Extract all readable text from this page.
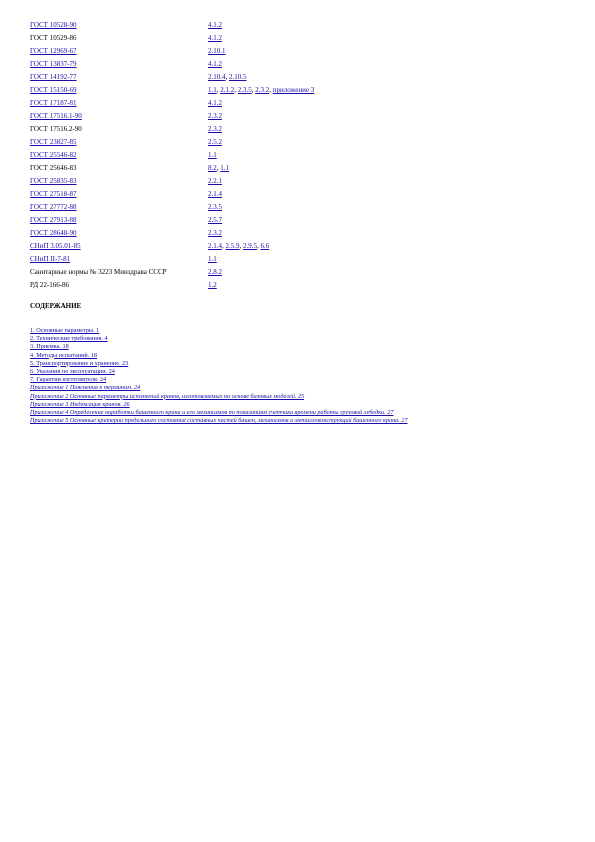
ГОСТ 10528-90	4.1.2
ГОСТ 10529-86	4.1.2
ГОСТ 12969-67	2.10.1
ГОСТ 13837-79	4.1.2
ГОСТ 14192-77	2.10.4, 2.10.5
ГОСТ 15150-69	1.1, 2.1.2, 2.3.5, 2.3.2, приложение 3
ГОСТ 17187-81	4.1.2
ГОСТ 17516.1-90	2.3.2
ГОСТ 17516.2-90	2.3.2
ГОСТ 23827-85	2.5.2
ГОСТ 25546-82	1.1
ГОСТ 25646-83	8.2, 1.1
ГОСТ 25835-83	2.2.1
ГОСТ 27518-87	2.1.4
ГОСТ 27772-88	2.3.5
ГОСТ 27913-88	2.5.7
ГОСТ 28648-90	2.3.2
СНиП 3.05.01-85	2.1.4, 2.5.9, 2.9.5, 6.6
СНиП II-7-81	1.1
Санитарные нормы № 3223 Минздрава СССР	2.8.2
РД 22-166-86	1.2
СОДЕРЖАНИЕ
1. Основные параметры. 1
2. Технические требования. 4
3. Приемка. 18
4. Методы испытаний. 18
5. Транспортирование и хранение. 23
6. Указания по эксплуатации. 24
7. Гарантии изготовителя. 24
Приложение 1 Пояснения к терминам. 24
Приложение 2 Основные параметры исполнений кранов, изготовляемых на основе базовых моделей. 25
Приложение 3 Индексация кранов. 26
Приложение 4 Определение наработки башенного крана и его механизмов по показаниям счетчика времени работы грузовой лебедки. 27
Приложение 5 Основные критерии предельного состояния составных частей башен, механизмов и металлоконструкций башенного крана. 27
